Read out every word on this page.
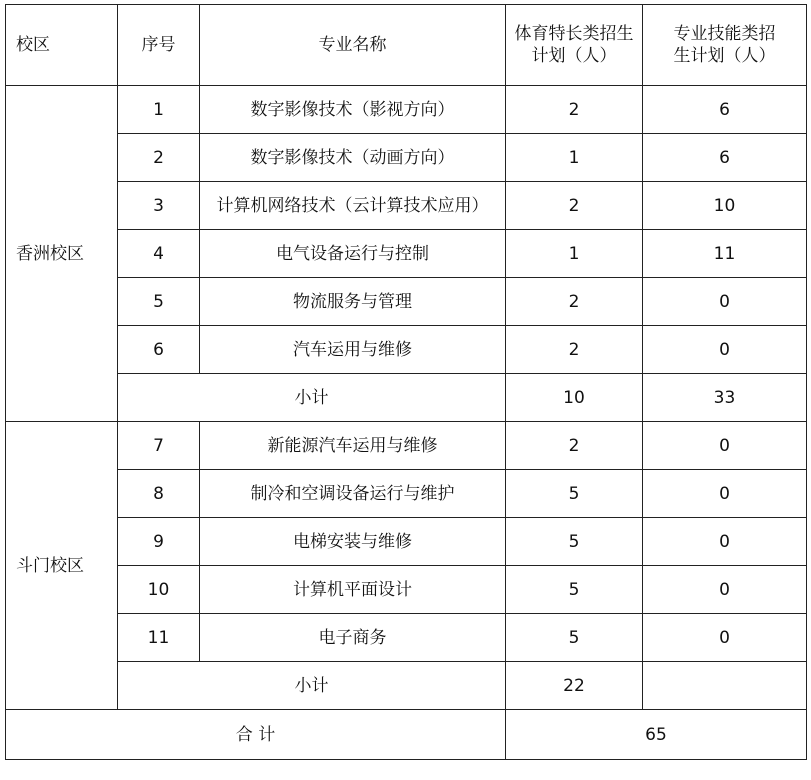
校区	序号	专业名称	体育特长类招生计划（人）	专业技能类招生计划（人）
香洲校区	1	数字影像技术（影视方向）	2	6
	2	数字影像技术（动画方向）	1	6
	3	计算机网络技术（云计算技术应用）	2	10
	4	电气设备运行与控制	1	11
	5	物流服务与管理	2	0
	6	汽车运用与维修	2	0
	小计		10	33
斗门校区	7	新能源汽车运用与维修	2	0
	8	制冷和空调设备运行与维护	5	0
	9	电梯安装与维修	5	0
	10	计算机平面设计	5	0
	11	电子商务	5	0
	小计		22	
合 计			65	
